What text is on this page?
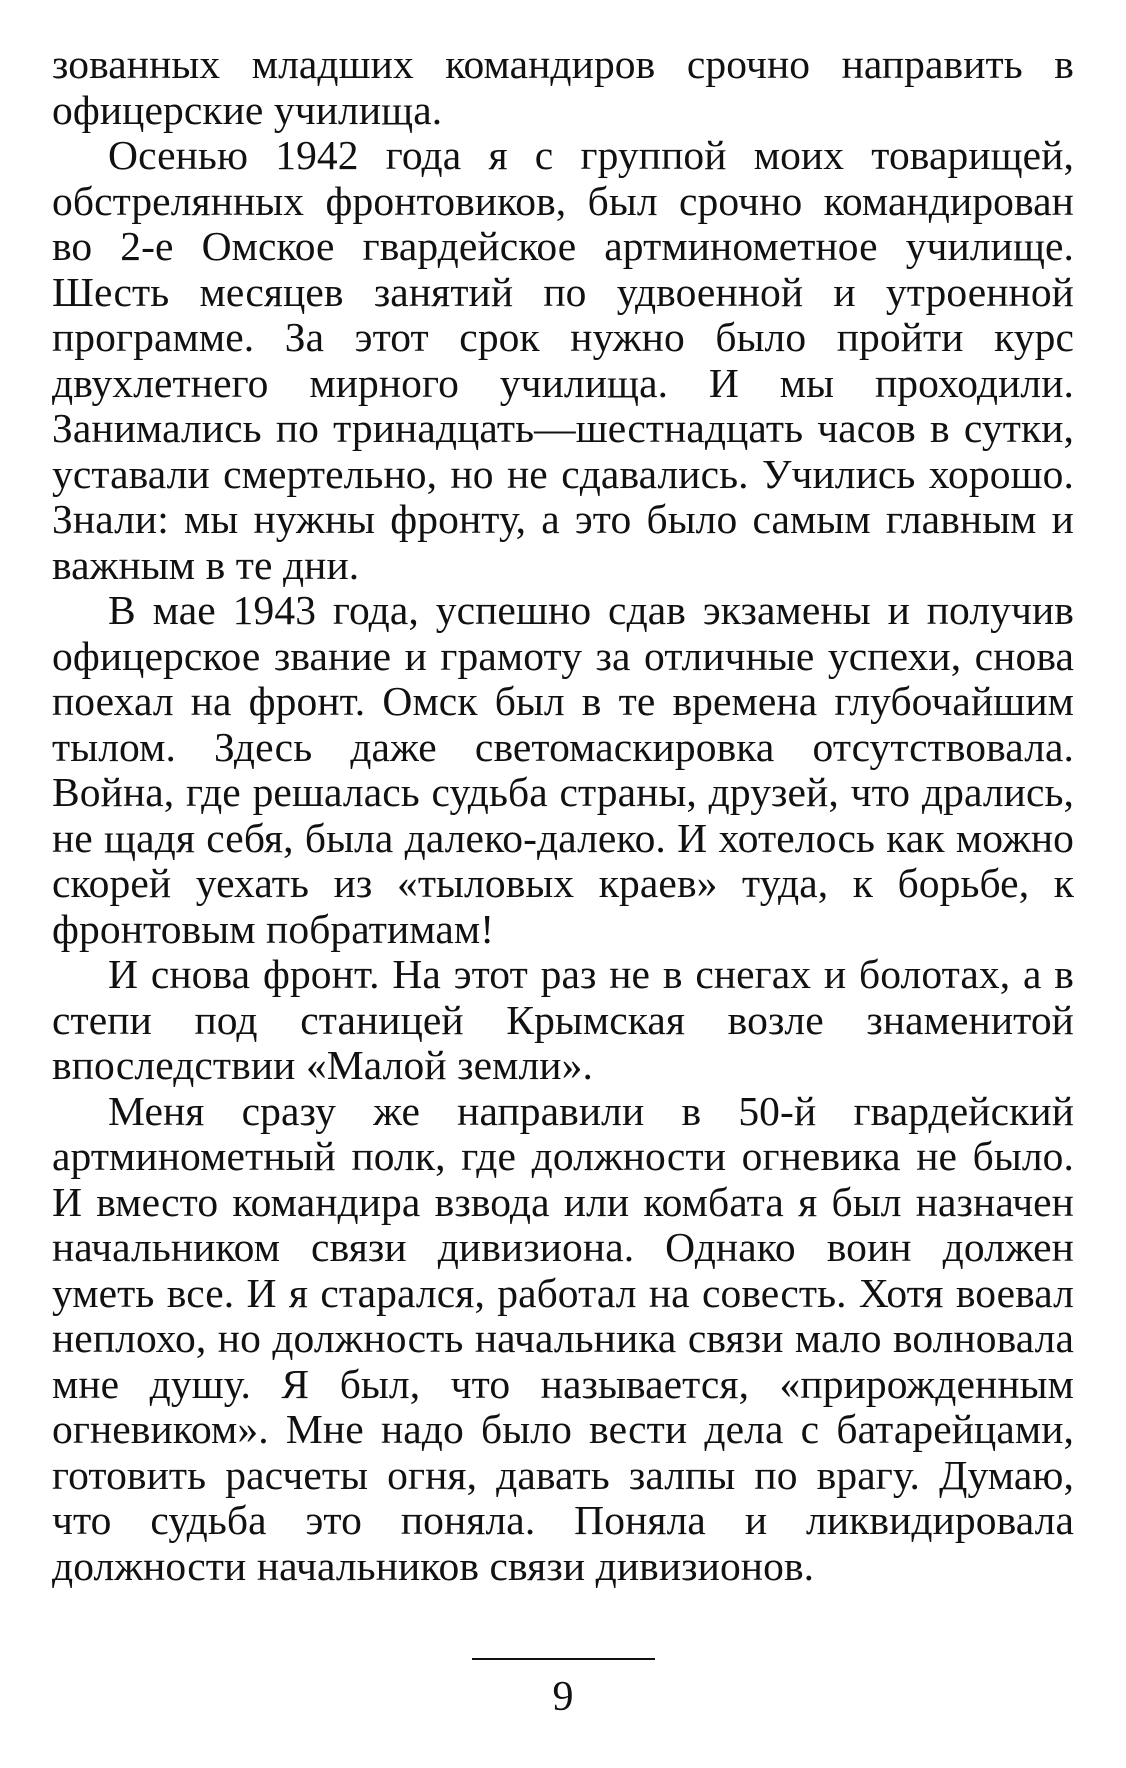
зованных младших командиров срочно направить в офицерские училища.

Осенью 1942 года я с группой моих товарищей, обстрелянных фронтовиков, был срочно командирован во 2-е Омское гвардейское артминометное училище. Шесть месяцев занятий по удвоенной и утроенной программе. За этот срок нужно было пройти курс двухлетнего мирного училища. И мы проходили. Занимались по тринадцать—шестнадцать часов в сутки, уставали смертельно, но не сдавались. Учились хорошо. Знали: мы нужны фронту, а это было самым главным и важным в те дни.

В мае 1943 года, успешно сдав экзамены и получив офицерское звание и грамоту за отличные успехи, снова поехал на фронт. Омск был в те времена глубочайшим тылом. Здесь даже светомаскировка отсутствовала. Война, где решалась судьба страны, друзей, что дрались, не щадя себя, была далеко-далеко. И хотелось как можно скорей уехать из «тыловых краев» туда, к борьбе, к фронтовым побратимам!

И снова фронт. На этот раз не в снегах и болотах, а в степи под станицей Крымская возле знаменитой впоследствии «Малой земли».

Меня сразу же направили в 50-й гвардейский артминометный полк, где должности огневика не было. И вместо командира взвода или комбата я был назначен начальником связи дивизиона. Однако воин должен уметь все. И я старался, работал на совесть. Хотя воевал неплохо, но должность начальника связи мало волновала мне душу. Я был, что называется, «прирожденным огневиком». Мне надо было вести дела с батарейцами, готовить расчеты огня, давать залпы по врагу. Думаю, что судьба это поняла. Поняла и ликвидировала должности начальников связи дивизионов.

9
